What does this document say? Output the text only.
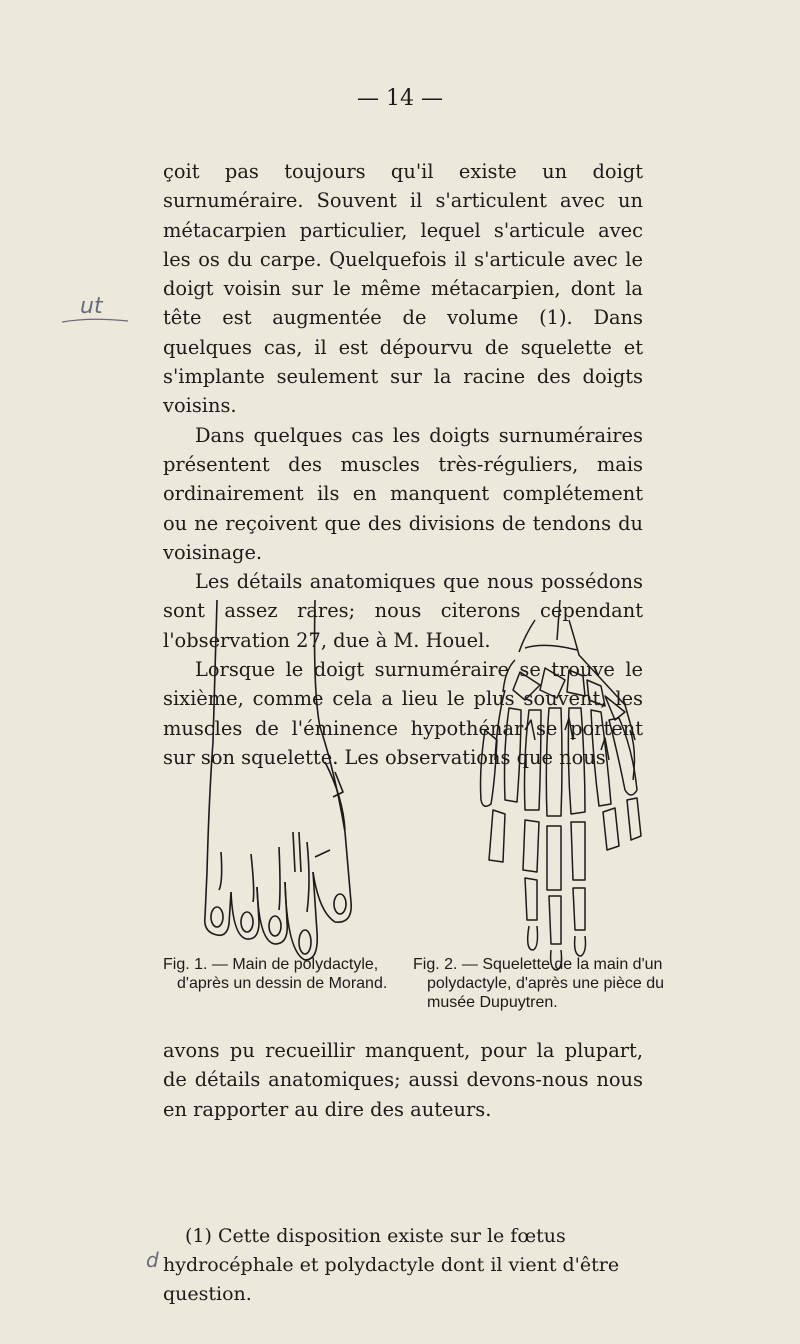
— 14 —
ut

çoit pas toujours qu'il existe un doigt surnuméraire. Souvent il s'articulent avec un métacarpien particulier, lequel s'articule avec les os du carpe. Quelquefois il s'articule avec le doigt voisin sur le même métacarpien, dont la tête est augmentée de volume (1). Dans quelques cas, il est dépourvu de squelette et s'implante seulement sur la racine des doigts voisins.

Dans quelques cas les doigts surnuméraires présentent des muscles très-réguliers, mais ordinairement ils en manquent complétement ou ne reçoivent que des divisions de tendons du voisinage.

Les détails anatomiques que nous possédons sont assez rares; nous citerons cependant l'observation 27, due à M. Houel.

Lorsque le doigt surnuméraire se trouve le sixième, comme cela a lieu le plus souvent, les muscles de l'éminence hypothénar se portent sur son squelette. Les observations que nous

Fig. 1. — Main de polydactyle,
d'après un dessin de Morand.

Fig. 2. — Squelette de la main d'un
polydactyle, d'après une pièce du musée Dupuytren.

avons pu recueillir manquent, pour la plupart, de détails anatomiques; aussi devons-nous nous en rapporter au dire des auteurs.

d

(1) Cette disposition existe sur le fœtus hydrocéphale et polydactyle dont il vient d'être question.
